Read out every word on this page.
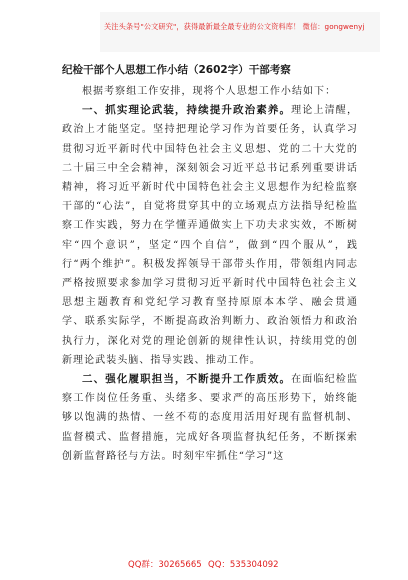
关注头条号"公文研究"，获得最新最全最专业的公文资料库！ 微信：gongwenyj
纪检干部个人思想工作小结（2602字）干部考察

根据考察组工作安排，现将个人思想工作小结如下：

一、抓实理论武装，持续提升政治素养。理论上清醒，政治上才能坚定。坚持把理论学习作为首要任务，认真学习贯彻习近平新时代中国特色社会主义思想、党的二十大党的二十届三中全会精神，深刻领会习近平总书记系列重要讲话精神，将习近平新时代中国特色社会主义思想作为纪检监察干部的“心法”，自觉将贯穿其中的立场观点方法指导纪检监察工作实践，努力在学懂弄通做实上下功夫求实效，不断树牢“四个意识”，坚定“四个自信”，做到“四个服从”，践行“两个维护”。积极发挥领导干部带头作用，带领组内同志严格按照要求参加学习贯彻习近平新时代中国特色社会主义思想主题教育和党纪学习教育坚持原原本本学、融会贯通学、联系实际学，不断提高政治判断力、政治领悟力和政治执行力，深化对党的理论创新的规律性认识，持续用党的创新理论武装头脑、指导实践、推动工作。

二、强化履职担当，不断提升工作质效。在面临纪检监察工作岗位任务重、头绪多、要求严的高压形势下，始终能够以饱满的热情、一丝不苟的态度用活用好现有监督机制、监督模式、监督措施，完成好各项监督执纪任务，不断探索创新监督路径与方法。时刻牢牢抓住“学习”这

QQ群：30265665 QQ：535304092
